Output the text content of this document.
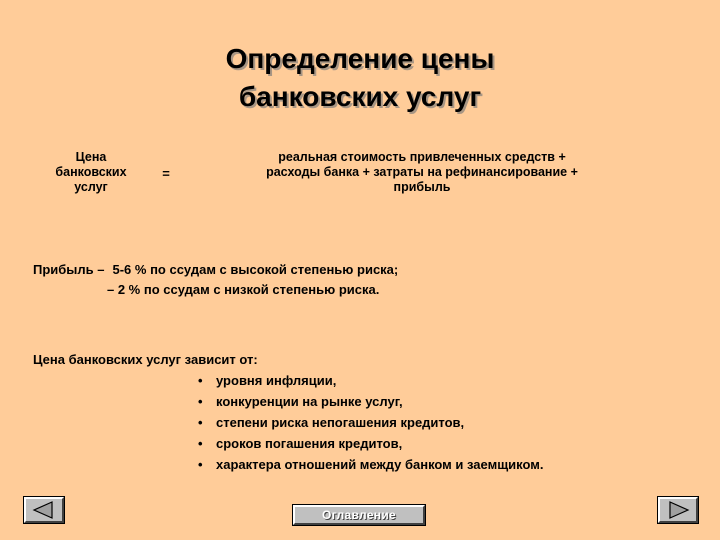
Определение цены
банковских услуг
Цена
банковских
услуг
=
реальная стоимость привлеченных средств +
расходы банка + затраты на рефинансирование +
прибыль
Прибыль – 5-6 % по ссудам с высокой степенью риска;
– 2 % по ссудам с низкой степенью риска.
Цена банковских услуг зависит от:
• уровня инфляции,
• конкуренции на рынке услуг,
• степени риска непогашения кредитов,
• сроков погашения кредитов,
• характера отношений между банком и заемщиком.
Оглавление
